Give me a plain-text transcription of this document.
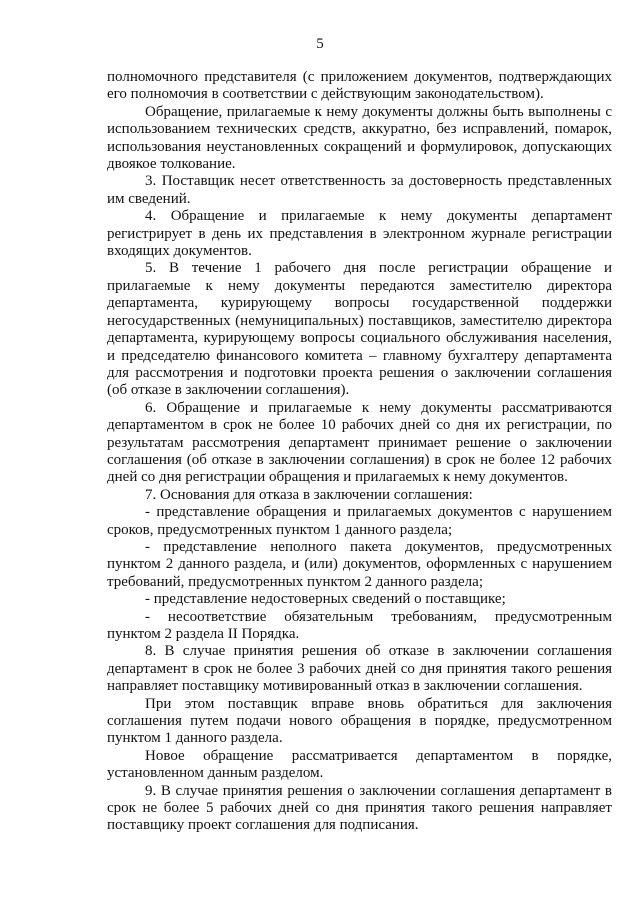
5

полномочного представителя (с приложением документов, подтверждающих его полномочия в соответствии с действующим законодательством).

Обращение, прилагаемые к нему документы должны быть выполнены с использованием технических средств, аккуратно, без исправлений, помарок, использования неустановленных сокращений и формулировок, допускающих двоякое толкование.

3. Поставщик несет ответственность за достоверность представленных им сведений.

4. Обращение и прилагаемые к нему документы департамент регистрирует в день их представления в электронном журнале регистрации входящих документов.

5. В течение 1 рабочего дня после регистрации обращение и прилагаемые к нему документы передаются заместителю директора департамента, курирующему вопросы государственной поддержки негосударственных (немуниципальных) поставщиков, заместителю директора департамента, курирующему вопросы социального обслуживания населения, и председателю финансового комитета – главному бухгалтеру департамента для рассмотрения и подготовки проекта решения о заключении соглашения (об отказе в заключении соглашения).

6. Обращение и прилагаемые к нему документы рассматриваются департаментом в срок не более 10 рабочих дней со дня их регистрации, по результатам рассмотрения департамент принимает решение о заключении соглашения (об отказе в заключении соглашения) в срок не более 12 рабочих дней со дня регистрации обращения и прилагаемых к нему документов.

7. Основания для отказа в заключении соглашения:

- представление обращения и прилагаемых документов с нарушением сроков, предусмотренных пунктом 1 данного раздела;

- представление неполного пакета документов, предусмотренных пунктом 2 данного раздела, и (или) документов, оформленных с нарушением требований, предусмотренных пунктом 2 данного раздела;

- представление недостоверных сведений о поставщике;

- несоответствие обязательным требованиям, предусмотренным пунктом 2 раздела II Порядка.

8. В случае принятия решения об отказе в заключении соглашения департамент в срок не более 3 рабочих дней со дня принятия такого решения направляет поставщику мотивированный отказ в заключении соглашения.

При этом поставщик вправе вновь обратиться для заключения соглашения путем подачи нового обращения в порядке, предусмотренном пунктом 1 данного раздела.

Новое обращение рассматривается департаментом в порядке, установленном данным разделом.

9. В случае принятия решения о заключении соглашения департамент в срок не более 5 рабочих дней со дня принятия такого решения направляет поставщику проект соглашения для подписания.
